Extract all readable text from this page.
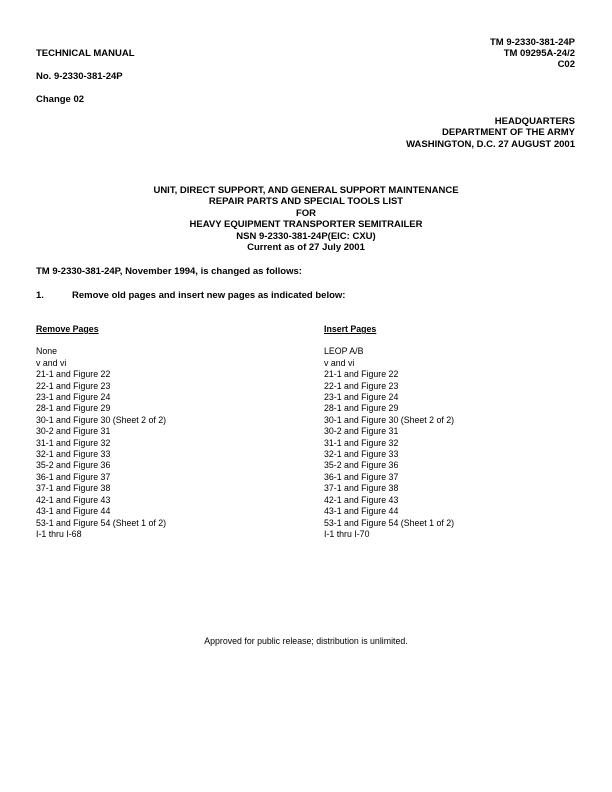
TM 9-2330-381-24P
TM 09295A-24/2
C02
TECHNICAL MANUAL
No. 9-2330-381-24P
Change 02
HEADQUARTERS
DEPARTMENT OF THE ARMY
WASHINGTON, D.C. 27 AUGUST 2001
UNIT, DIRECT SUPPORT, AND GENERAL SUPPORT MAINTENANCE
REPAIR PARTS AND SPECIAL TOOLS LIST
FOR
HEAVY EQUIPMENT TRANSPORTER SEMITRAILER
NSN 9-2330-381-24P(EIC: CXU)
Current as of 27 July 2001
TM 9-2330-381-24P, November 1994, is changed as follows:
1.	Remove old pages and insert new pages as indicated below:
Remove Pages
None
v and vi
21-1 and Figure 22
22-1 and Figure 23
23-1 and Figure 24
28-1 and Figure 29
30-1 and Figure 30 (Sheet 2 of 2)
30-2 and Figure 31
31-1 and Figure 32
32-1 and Figure 33
35-2 and Figure 36
36-1 and Figure 37
37-1 and Figure 38
42-1 and Figure 43
43-1 and Figure 44
53-1 and Figure 54 (Sheet 1 of 2)
I-1 thru I-68
Insert Pages
LEOP A/B
v and vi
21-1 and Figure 22
22-1 and Figure 23
23-1 and Figure 24
28-1 and Figure 29
30-1 and Figure 30 (Sheet 2 of 2)
30-2 and Figure 31
31-1 and Figure 32
32-1 and Figure 33
35-2 and Figure 36
36-1 and Figure 37
37-1 and Figure 38
42-1 and Figure 43
43-1 and Figure 44
53-1 and Figure 54 (Sheet 1 of 2)
I-1 thru I-70
Approved for public release; distribution is unlimited.
